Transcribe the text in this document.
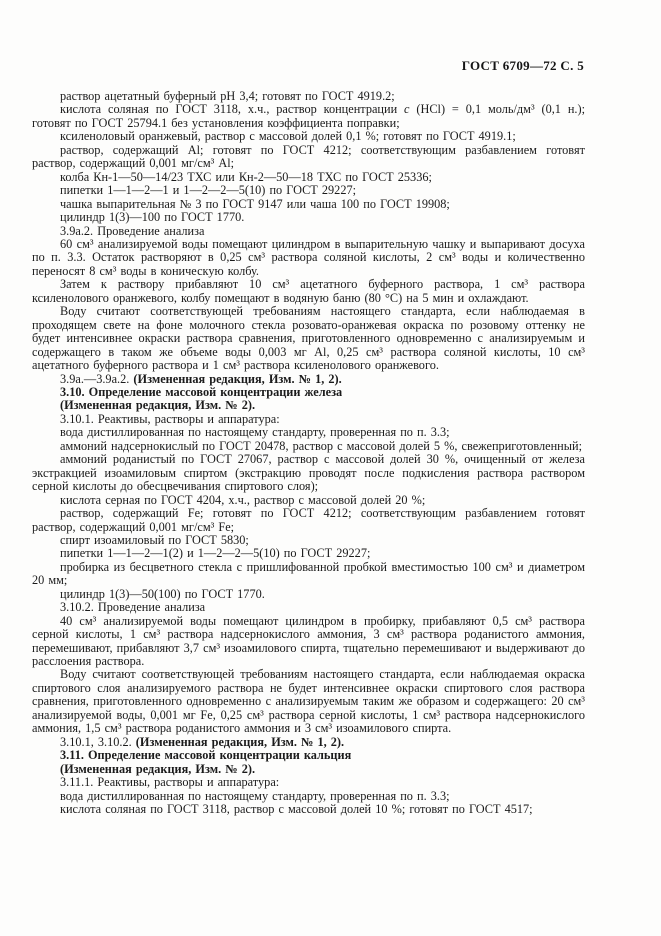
ГОСТ 6709—72 С. 5

раствор ацетатный буферный рН 3,4; готовят по ГОСТ 4919.2;

кислота соляная по ГОСТ 3118, х.ч., раствор концентрации с (HCl) = 0,1 моль/дм³ (0,1 н.); готовят по ГОСТ 25794.1 без установления коэффициента поправки;

ксиленоловый оранжевый, раствор с массовой долей 0,1 %; готовят по ГОСТ 4919.1;

раствор, содержащий Al; готовят по ГОСТ 4212; соответствующим разбавлением готовят раствор, содержащий 0,001 мг/см³ Al;

колба Кн-1—50—14/23 ТХС или Кн-2—50—18 ТХС по ГОСТ 25336;

пипетки 1—1—2—1 и 1—2—2—5(10) по ГОСТ 29227;

чашка выпарительная № 3 по ГОСТ 9147 или чаша 100 по ГОСТ 19908;

цилиндр 1(3)—100 по ГОСТ 1770.

3.9а.2. Проведение анализа

60 см³ анализируемой воды помещают цилиндром в выпарительную чашку и выпаривают досуха по п. 3.3. Остаток растворяют в 0,25 см³ раствора соляной кислоты, 2 см³ воды и количественно переносят 8 см³ воды в коническую колбу.

Затем к раствору прибавляют 10 см³ ацетатного буферного раствора, 1 см³ раствора ксиленолового оранжевого, колбу помещают в водяную баню (80 °С) на 5 мин и охлаждают.

Воду считают соответствующей требованиям настоящего стандарта, если наблюдаемая в проходящем свете на фоне молочного стекла розовато-оранжевая окраска по розовому оттенку не будет интенсивнее окраски раствора сравнения, приготовленного одновременно с анализируемым и содержащего в таком же объеме воды 0,003 мг Al, 0,25 см³ раствора соляной кислоты, 10 см³ ацетатного буферного раствора и 1 см³ раствора ксиленолового оранжевого.

3.9а.—3.9а.2. (Измененная редакция, Изм. № 1, 2).

3.10. Определение массовой концентрации железа

(Измененная редакция, Изм. № 2).

3.10.1. Реактивы, растворы и аппаратура:

вода дистиллированная по настоящему стандарту, проверенная по п. 3.3;

аммоний надсернокислый по ГОСТ 20478, раствор с массовой долей 5 %, свежеприготовленный;

аммоний роданистый по ГОСТ 27067, раствор с массовой долей 30 %, очищенный от железа экстракцией изоамиловым спиртом (экстракцию проводят после подкисления раствора раствором серной кислоты до обесцвечивания спиртового слоя);

кислота серная по ГОСТ 4204, х.ч., раствор с массовой долей 20 %;

раствор, содержащий Fe; готовят по ГОСТ 4212; соответствующим разбавлением готовят раствор, содержащий 0,001 мг/см³ Fe;

спирт изоамиловый по ГОСТ 5830;

пипетки 1—1—2—1(2) и 1—2—2—5(10) по ГОСТ 29227;

пробирка из бесцветного стекла с пришлифованной пробкой вместимостью 100 см³ и диаметром 20 мм;

цилиндр 1(3)—50(100) по ГОСТ 1770.

3.10.2. Проведение анализа

40 см³ анализируемой воды помещают цилиндром в пробирку, прибавляют 0,5 см³ раствора серной кислоты, 1 см³ раствора надсернокислого аммония, 3 см³ раствора роданистого аммония, перемешивают, прибавляют 3,7 см³ изоамилового спирта, тщательно перемешивают и выдерживают до расслоения раствора.

Воду считают соответствующей требованиям настоящего стандарта, если наблюдаемая окраска спиртового слоя анализируемого раствора не будет интенсивнее окраски спиртового слоя раствора сравнения, приготовленного одновременно с анализируемым таким же образом и содержащего: 20 см³ анализируемой воды, 0,001 мг Fe, 0,25 см³ раствора серной кислоты, 1 см³ раствора надсернокислого аммония, 1,5 см³ раствора роданистого аммония и 3 см³ изоамилового спирта.

3.10.1, 3.10.2. (Измененная редакция, Изм. № 1, 2).

3.11. Определение массовой концентрации кальция

(Измененная редакция, Изм. № 2).

3.11.1. Реактивы, растворы и аппаратура:

вода дистиллированная по настоящему стандарту, проверенная по п. 3.3;

кислота соляная по ГОСТ 3118, раствор с массовой долей 10 %; готовят по ГОСТ 4517;
